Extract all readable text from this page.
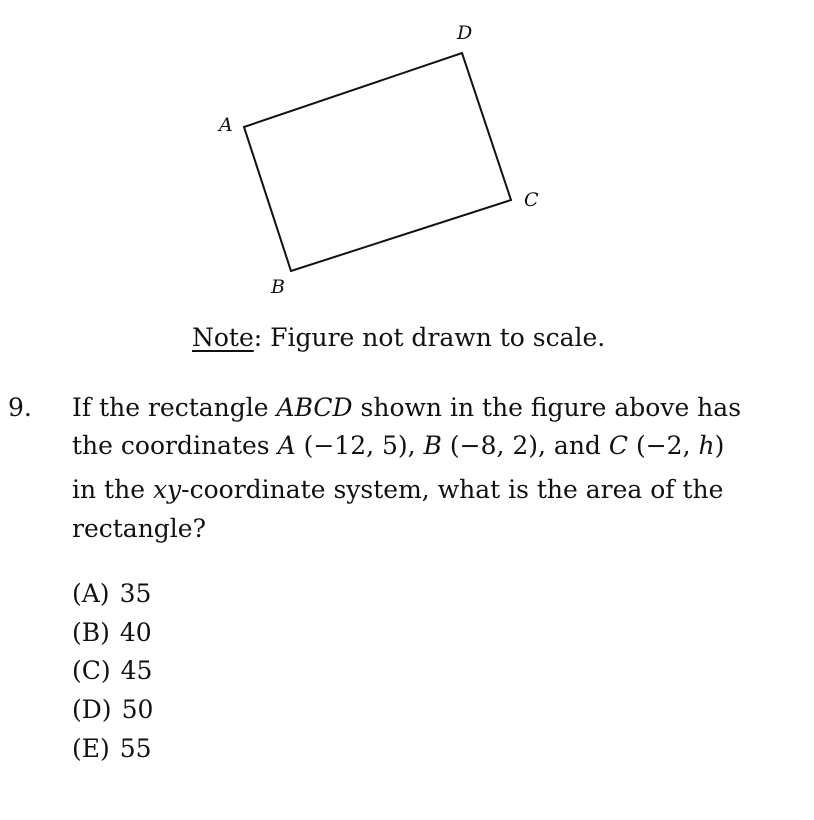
A
B
C
D
Note: Figure not drawn to scale.
9. If the rectangle ABCD shown in the figure above has
the coordinates A (−12, 5), B (−8, 2), and C (−2, h)
in the xy-coordinate system, what is the area of the
rectangle?
(A) 35
(B) 40
(C) 45
(D) 50
(E) 55
